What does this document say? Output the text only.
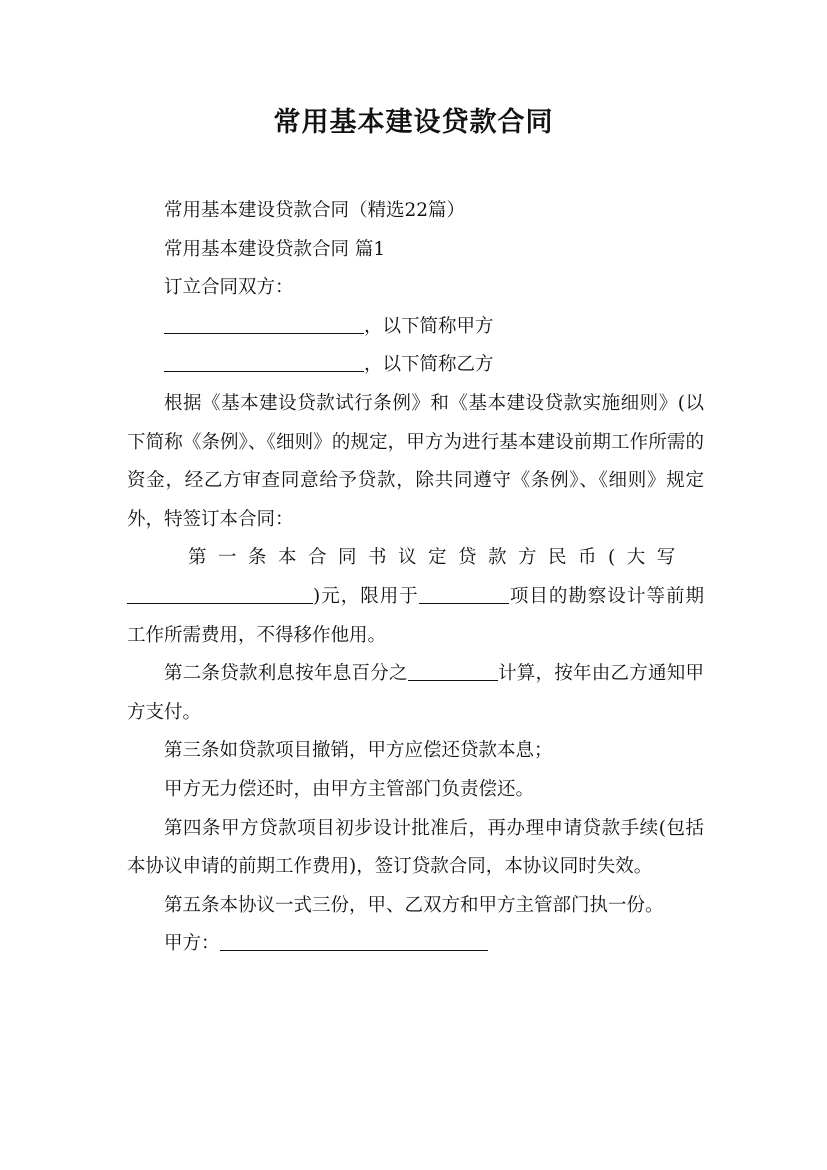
常用基本建设贷款合同

常用基本建设贷款合同（精选22篇）

常用基本建设贷款合同 篇1

订立合同双方：

，以下简称甲方

，以下简称乙方

根据《基本建设贷款试行条例》和《基本建设贷款实施细则》(以下简称《条例》、《细则》的规定，甲方为进行基本建设前期工作所需的资金，经乙方审查同意给予贷款，除共同遵守《条例》、《细则》规定外，特签订本合同：

第一条本合同书议定贷款方民币(大写

)元，限用于	项目的勘察设计等前期工作所需费用，不得移作他用。

第二条贷款利息按年息百分之	计算，按年由乙方通知甲方支付。

第三条如贷款项目撤销，甲方应偿还贷款本息；

甲方无力偿还时，由甲方主管部门负责偿还。

第四条甲方贷款项目初步设计批准后，再办理申请贷款手续(包括本协议申请的前期工作费用)，签订贷款合同，本协议同时失效。

第五条本协议一式三份，甲、乙双方和甲方主管部门执一份。

甲方：
